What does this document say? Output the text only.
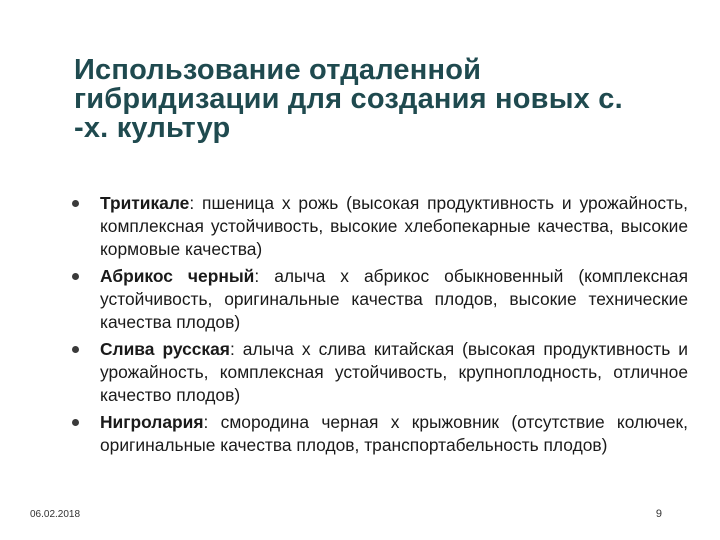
Использование отдаленной
гибридизации для создания новых с.
-х. культур
Тритикале: пшеница х рожь (высокая продуктивность и урожайность, комплексная устойчивость, высокие хлебопекарные качества, высокие кормовые качества)
Абрикос черный: алыча х абрикос обыкновенный (комплексная устойчивость, оригинальные качества плодов, высокие технические качества плодов)
Слива русская: алыча х слива китайская (высокая продуктивность и урожайность, комплексная устойчивость, крупноплодность, отличное качество плодов)
Нигролария: смородина черная х крыжовник (отсутствие колючек, оригинальные качества плодов, транспортабельность плодов)
06.02.2018	9
